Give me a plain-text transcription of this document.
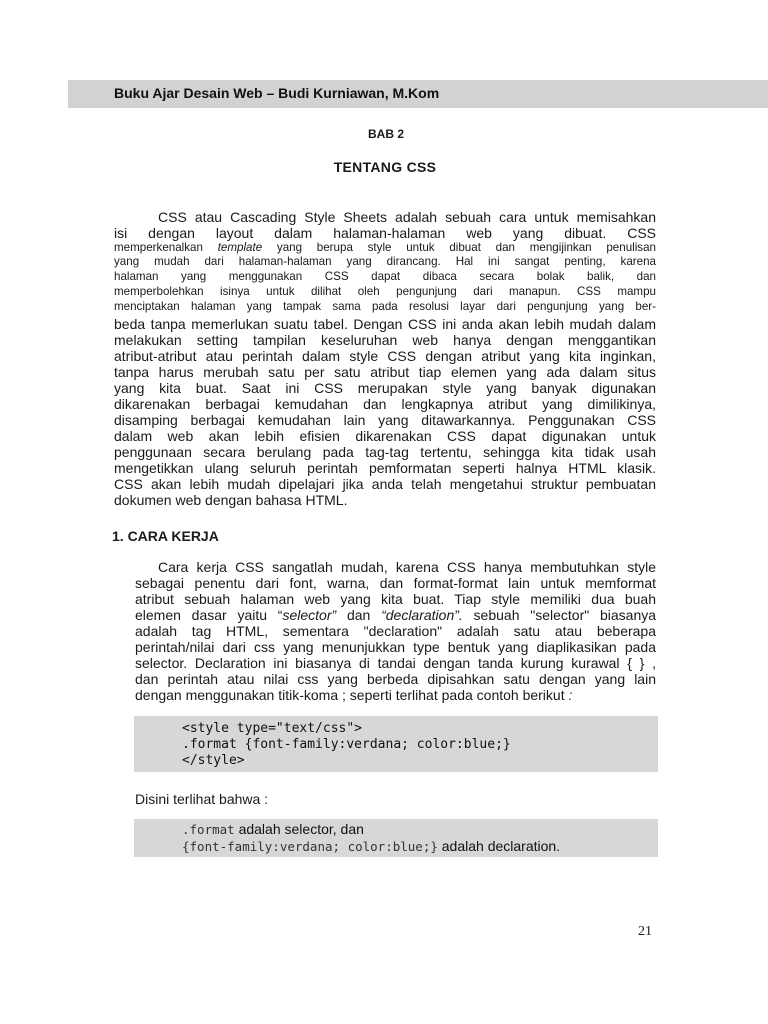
Buku Ajar Desain Web – Budi Kurniawan, M.Kom
BAB 2
TENTANG CSS
CSS atau Cascading Style Sheets adalah sebuah cara untuk memisahkan
isi dengan layout dalam halaman-halaman web yang dibuat. CSS
memperkenalkan template yang berupa style untuk dibuat dan mengijinkan penulisan
yang mudah dari halaman-halaman yang dirancang. Hal ini sangat penting, karena
halaman yang menggunakan CSS dapat dibaca secara bolak balik, dan
memperbolehkan isinya untuk dilihat oleh pengunjung dari manapun. CSS mampu
menciptakan halaman yang tampak sama pada resolusi layar dari pengunjung yang ber-
beda tanpa memerlukan suatu tabel. Dengan CSS ini anda akan lebih mudah dalam
melakukan setting tampilan keseluruhan web hanya dengan menggantikan
atribut-atribut atau perintah dalam style CSS dengan atribut yang kita inginkan,
tanpa harus merubah satu per satu atribut tiap elemen yang ada dalam situs
yang kita buat. Saat ini CSS merupakan style yang banyak digunakan
dikarenakan berbagai kemudahan dan lengkapnya atribut yang dimilikinya,
disamping berbagai kemudahan lain yang ditawarkannya. Penggunakan CSS
dalam web akan lebih efisien dikarenakan CSS dapat digunakan untuk
penggunaan secara berulang pada tag-tag tertentu, sehingga kita tidak usah
mengetikkan ulang seluruh perintah pemformatan seperti halnya HTML klasik.
CSS akan lebih mudah dipelajari jika anda telah mengetahui struktur pembuatan
dokumen web dengan bahasa HTML.
1. CARA KERJA
Cara kerja CSS sangatlah mudah, karena CSS hanya membutuhkan style
sebagai penentu dari font, warna, dan format-format lain untuk memformat
atribut sebuah halaman web yang kita buat. Tiap style memiliki dua buah
elemen dasar yaitu “selector” dan “declaration”. sebuah "selector" biasanya
adalah tag HTML, sementara "declaration" adalah satu atau beberapa
perintah/nilai dari css yang menunjukkan type bentuk yang diaplikasikan pada
selector. Declaration ini biasanya di tandai dengan tanda kurung kurawal { } ,
dan perintah atau nilai css yang berbeda dipisahkan satu dengan yang lain
dengan menggunakan titik-koma ; seperti terlihat pada contoh berikut :
<style type="text/css">
.format {font-family:verdana; color:blue;}
</style>
Disini terlihat bahwa :
.format adalah selector, dan
{font-family:verdana; color:blue;} adalah declaration.
21
